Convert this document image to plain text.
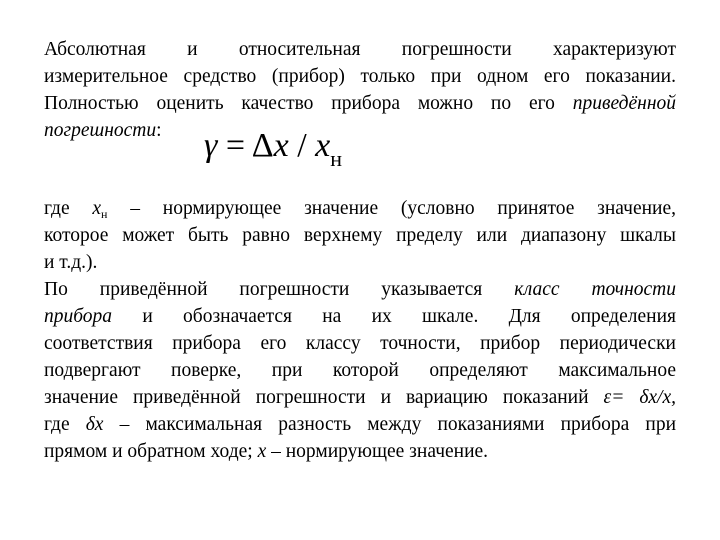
Абсолютная и относительная погрешности характеризуют
измерительное средство (прибор) только при одном его показании.
Полностью оценить качество прибора можно по его приведённой
погрешности:	$\gamma = \Delta x / x_н$
где $x_н$ – нормирующее значение (условно принятое значение,
которое может быть равно верхнему пределу или диапазону шкалы
и т.д.).
По приведённой погрешности указывается класс точности
прибора и обозначается на их шкале. Для определения
соответствия прибора его классу точности, прибор периодически
подвергают поверке, при которой определяют максимальное
значение приведённой погрешности и вариацию показаний ε= δx/x,
где δx – максимальная разность между показаниями прибора при
прямом и обратном ходе; x – нормирующее значение.
